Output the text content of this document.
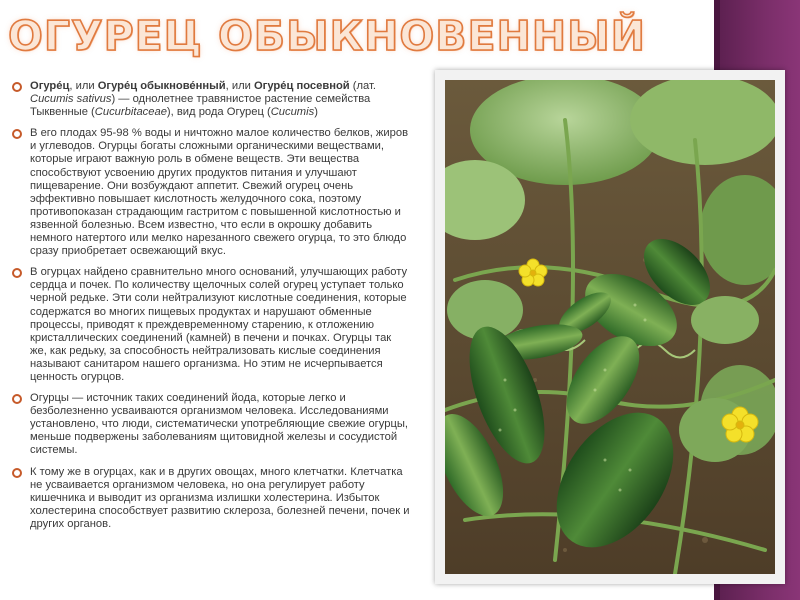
ОГУРЕЦ ОБЫКНОВЕННЫЙ

Огуре́ц, или Огуре́ц обыкнове́нный, или Огуре́ц посевной (лат. Cucumis sativus) — однолетнее травянистое растение семейства Тыквенные (Cucurbitaceae), вид рода Огурец (Cucumis)

В его плодах 95-98 % воды и ничтожно малое количество белков, жиров и углеводов. Огурцы богаты сложными органическими веществами, которые играют важную роль в обмене веществ. Эти вещества способствуют усвоению других продуктов питания и улучшают пищеварение. Они возбуждают аппетит. Свежий огурец очень эффективно повышает кислотность желудочного сока, поэтому противопоказан страдающим гастритом с повышенной кислотностью и язвенной болезнью. Всем известно, что если в окрошку добавить немного натертого или мелко нарезанного свежего огурца, то это блюдо сразу приобретает освежающий вкус.

В огурцах найдено сравнительно много оснований, улучшающих работу сердца и почек. По количеству щелочных солей огурец уступает только черной редьке. Эти соли нейтрализуют кислотные соединения, которые содержатся во многих пищевых продуктах и нарушают обменные процессы, приводят к преждевременному старению, к отложению кристаллических соединений (камней) в печени и почках. Огурцы так же, как редьку, за способность нейтрализовать кислые соединения называют санитаром нашего организма. Но этим не исчерпывается ценность огурцов.

Огурцы — источник таких соединений йода, которые легко и безболезненно усваиваются организмом человека. Исследованиями установлено, что люди, систематически употребляющие свежие огурцы, меньше подвержены заболеваниям щитовидной железы и сосудистой системы.

К тому же в огурцах, как и в других овощах, много клетчатки. Клетчатка не усваивается организмом человека, но она регулирует работу кишечника и выводит из организма излишки холестерина. Избыток холестерина способствует развитию склероза, болезней печени, почек и других органов.
